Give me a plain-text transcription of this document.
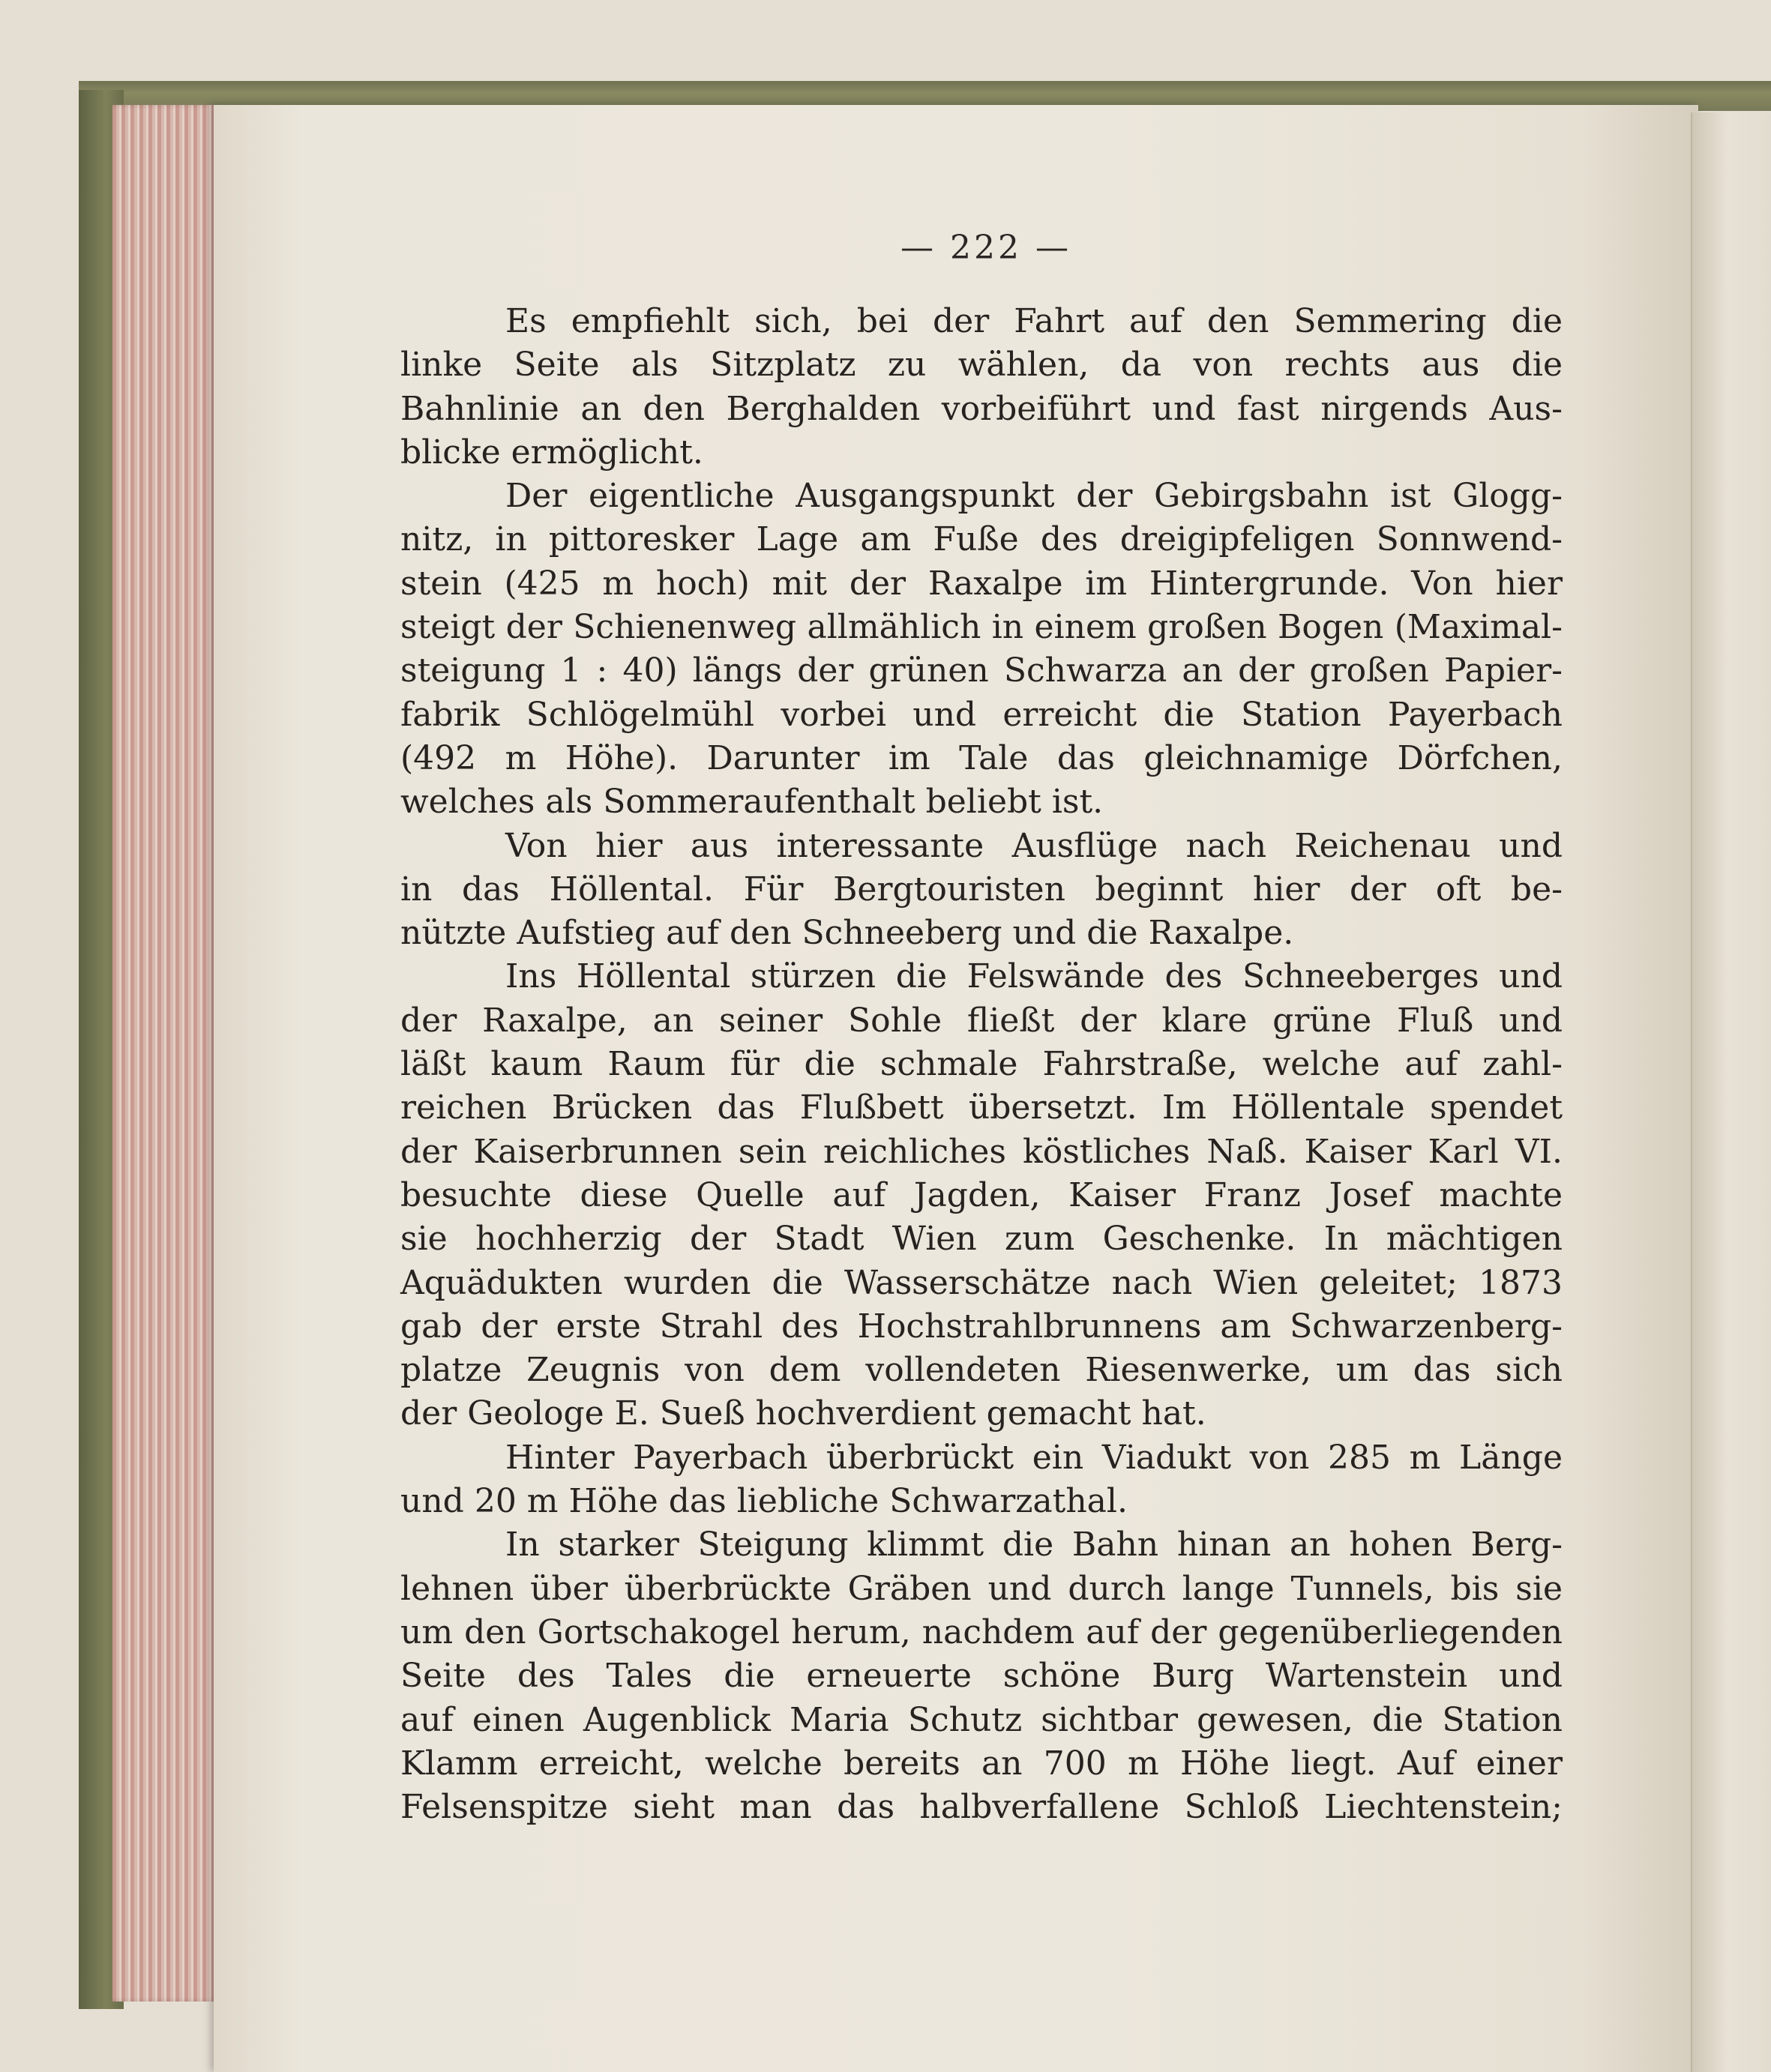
— 222 —
Es empfiehlt sich, bei der Fahrt auf den Semmering die
linke Seite als Sitzplatz zu wählen, da von rechts aus die
Bahnlinie an den Berghalden vorbeiführt und fast nirgends Aus-
blicke ermöglicht.
Der eigentliche Ausgangspunkt der Gebirgsbahn ist Glogg-
nitz, in pittoresker Lage am Fuße des dreigipfeligen Sonnwend-
stein (425 m hoch) mit der Raxalpe im Hintergrunde. Von hier
steigt der Schienenweg allmählich in einem großen Bogen (Maximal-
steigung 1 : 40) längs der grünen Schwarza an der großen Papier-
fabrik Schlögelmühl vorbei und erreicht die Station Payerbach
(492 m Höhe). Darunter im Tale das gleichnamige Dörfchen,
welches als Sommeraufenthalt beliebt ist.
Von hier aus interessante Ausflüge nach Reichenau und
in das Höllental. Für Bergtouristen beginnt hier der oft be-
nützte Aufstieg auf den Schneeberg und die Raxalpe.
Ins Höllental stürzen die Felswände des Schneeberges und
der Raxalpe, an seiner Sohle fließt der klare grüne Fluß und
läßt kaum Raum für die schmale Fahrstraße, welche auf zahl-
reichen Brücken das Flußbett übersetzt. Im Höllentale spendet
der Kaiserbrunnen sein reichliches köstliches Naß. Kaiser Karl VI.
besuchte diese Quelle auf Jagden, Kaiser Franz Josef machte
sie hochherzig der Stadt Wien zum Geschenke. In mächtigen
Aquädukten wurden die Wasserschätze nach Wien geleitet; 1873
gab der erste Strahl des Hochstrahlbrunnens am Schwarzenberg-
platze Zeugnis von dem vollendeten Riesenwerke, um das sich
der Geologe E. Sueß hochverdient gemacht hat.
Hinter Payerbach überbrückt ein Viadukt von 285 m Länge
und 20 m Höhe das liebliche Schwarzathal.
In starker Steigung klimmt die Bahn hinan an hohen Berg-
lehnen über überbrückte Gräben und durch lange Tunnels, bis sie
um den Gortschakogel herum, nachdem auf der gegenüberliegenden
Seite des Tales die erneuerte schöne Burg Wartenstein und
auf einen Augenblick Maria Schutz sichtbar gewesen, die Station
Klamm erreicht, welche bereits an 700 m Höhe liegt. Auf einer
Felsenspitze sieht man das halbverfallene Schloß Liechtenstein;
